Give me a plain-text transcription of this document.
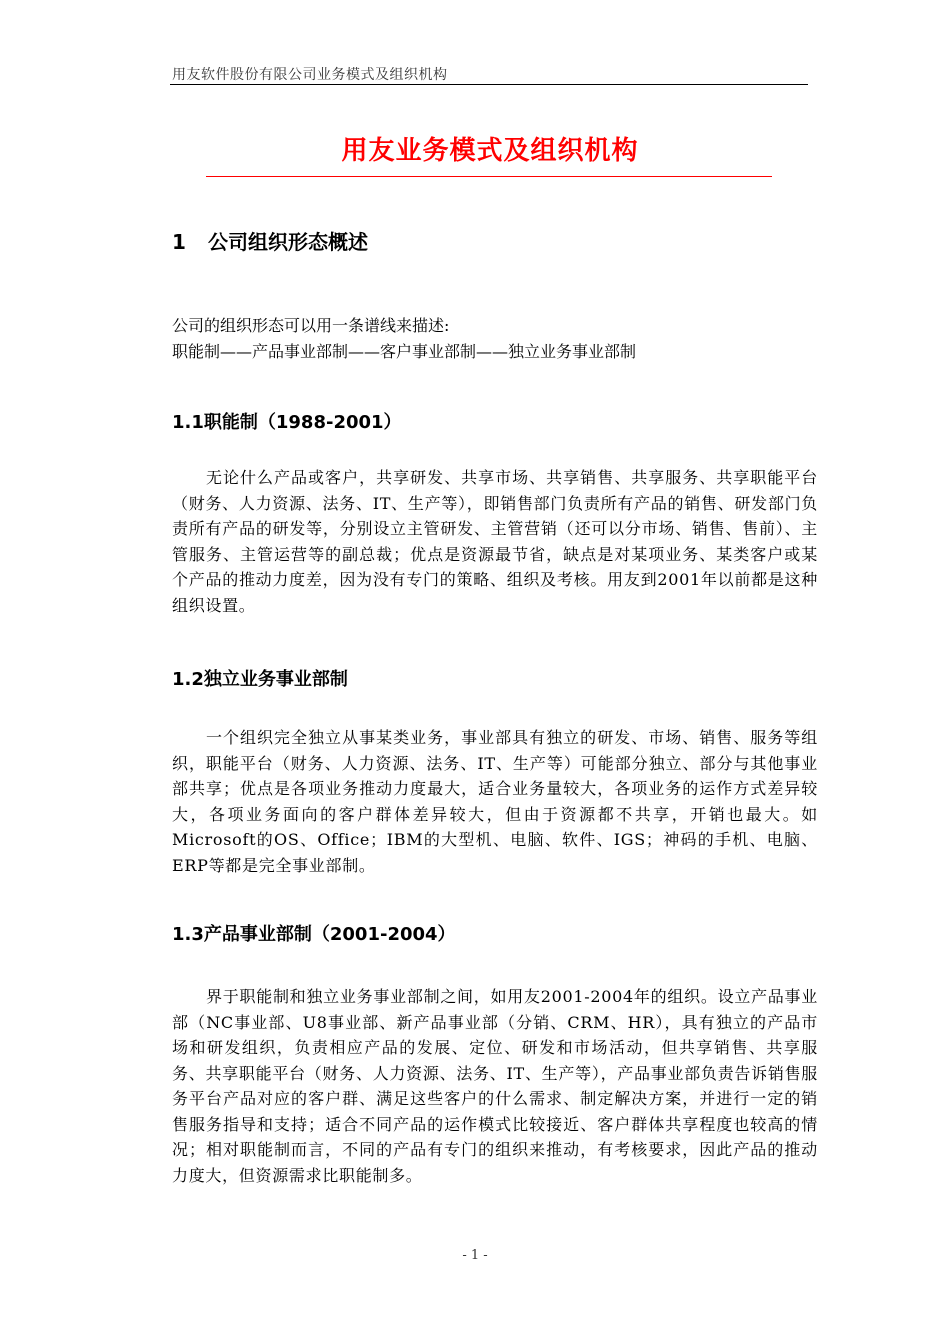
用友软件股份有限公司业务模式及组织机构
用友业务模式及组织机构
1 公司组织形态概述

公司的组织形态可以用一条谱线来描述:

职能制——产品事业部制——客户事业部制——独立业务事业部制

1.1职能制（1988-2001）

无论什么产品或客户，共享研发、共享市场、共享销售、共享服务、共享职能平台（财务、人力资源、法务、IT、生产等），即销售部门负责所有产品的销售、研发部门负责所有产品的研发等，分别设立主管研发、主管营销（还可以分市场、销售、售前）、主管服务、主管运营等的副总裁；优点是资源最节省，缺点是对某项业务、某类客户或某个产品的推动力度差，因为没有专门的策略、组织及考核。用友到2001年以前都是这种组织设置。

1.2独立业务事业部制

一个组织完全独立从事某类业务，事业部具有独立的研发、市场、销售、服务等组织，职能平台（财务、人力资源、法务、IT、生产等）可能部分独立、部分与其他事业部共享；优点是各项业务推动力度最大，适合业务量较大，各项业务的运作方式差异较大，各项业务面向的客户群体差异较大，但由于资源都不共享，开销也最大。如Microsoft的OS、Office；IBM的大型机、电脑、软件、IGS；神码的手机、电脑、ERP等都是完全事业部制。

1.3产品事业部制（2001-2004）

界于职能制和独立业务事业部制之间，如用友2001-2004年的组织。设立产品事业部（NC事业部、U8事业部、新产品事业部（分销、CRM、HR），具有独立的产品市场和研发组织，负责相应产品的发展、定位、研发和市场活动，但共享销售、共享服务、共享职能平台（财务、人力资源、法务、IT、生产等），产品事业部负责告诉销售服务平台产品对应的客户群、满足这些客户的什么需求、制定解决方案，并进行一定的销售服务指导和支持；适合不同产品的运作模式比较接近、客户群体共享程度也较高的情况；相对职能制而言，不同的产品有专门的组织来推动，有考核要求，因此产品的推动力度大，但资源需求比职能制多。

- 1 -
